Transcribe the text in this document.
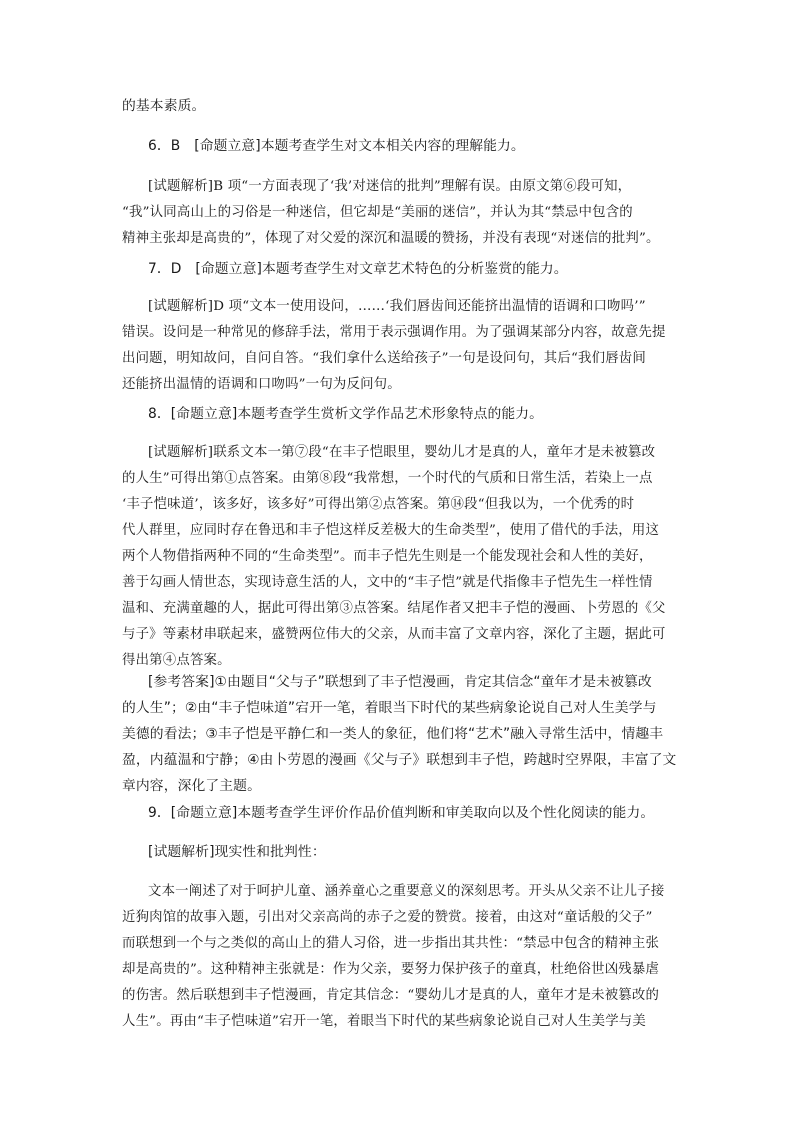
的基本素质。
6．B　[命题立意]本题考查学生对文本相关内容的理解能力。
[试题解析]B 项“一方面表现了‘我’对迷信的批判”理解有误。由原文第⑥段可知，
“我”认同高山上的习俗是一种迷信，但它却是“美丽的迷信”，并认为其“禁忌中包含的
精神主张却是高贵的”，体现了对父爱的深沉和温暖的赞扬，并没有表现“对迷信的批判”。
7．D　[命题立意]本题考查学生对文章艺术特色的分析鉴赏的能力。
[试题解析]D 项“文本一使用设问，……‘我们唇齿间还能挤出温情的语调和口吻吗’”
错误。设问是一种常见的修辞手法，常用于表示强调作用。为了强调某部分内容，故意先提
出问题，明知故问，自问自答。“我们拿什么送给孩子”一句是设问句，其后“我们唇齿间
还能挤出温情的语调和口吻吗”一句为反问句。
8．[命题立意]本题考查学生赏析文学作品艺术形象特点的能力。
[试题解析]联系文本一第⑦段“在丰子恺眼里，婴幼儿才是真的人，童年才是未被篡改
的人生”可得出第①点答案。由第⑧段“我常想，一个时代的气质和日常生活，若染上一点
‘丰子恺味道’，该多好，该多好”可得出第②点答案。第⑭段“但我以为，一个优秀的时
代人群里，应同时存在鲁迅和丰子恺这样反差极大的生命类型”，使用了借代的手法，用这
两个人物借指两种不同的“生命类型”。而丰子恺先生则是一个能发现社会和人性的美好，
善于勾画人情世态，实现诗意生活的人，文中的“丰子恺”就是代指像丰子恺先生一样性情
温和、充满童趣的人，据此可得出第③点答案。结尾作者又把丰子恺的漫画、卜劳恩的《父
与子》等素材串联起来，盛赞两位伟大的父亲，从而丰富了文章内容，深化了主题，据此可
得出第④点答案。
[参考答案]①由题目“父与子”联想到了丰子恺漫画，肯定其信念“童年才是未被篡改
的人生”；②由“丰子恺味道”宕开一笔，着眼当下时代的某些病象论说自己对人生美学与
美德的看法；③丰子恺是平静仁和一类人的象征，他们将“艺术”融入寻常生活中，情趣丰
盈，内蕴温和宁静；④由卜劳恩的漫画《父与子》联想到丰子恺，跨越时空界限，丰富了文
章内容，深化了主题。
9．[命题立意]本题考查学生评价作品价值判断和审美取向以及个性化阅读的能力。
[试题解析]现实性和批判性：
文本一阐述了对于呵护儿童、涵养童心之重要意义的深刻思考。开头从父亲不让儿子接
近狗肉馆的故事入题，引出对父亲高尚的赤子之爱的赞赏。接着，由这对“童话般的父子”
而联想到一个与之类似的高山上的猎人习俗，进一步指出其共性：“禁忌中包含的精神主张
却是高贵的”。这种精神主张就是：作为父亲，要努力保护孩子的童真，杜绝俗世凶残暴虐
的伤害。然后联想到丰子恺漫画，肯定其信念：“婴幼儿才是真的人，童年才是未被篡改的
人生”。再由“丰子恺味道”宕开一笔，着眼当下时代的某些病象论说自己对人生美学与美
